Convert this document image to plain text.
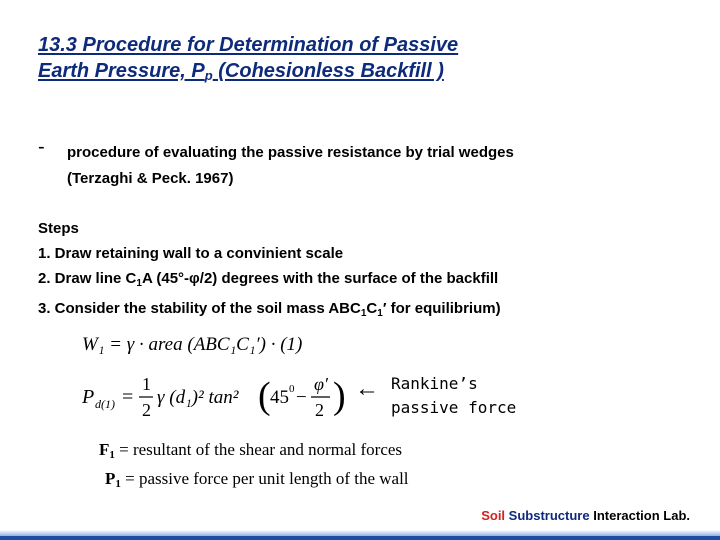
13.3 Procedure for Determination of Passive
Earth Pressure, $P_p$ (Cohesionless Backfill )
- procedure of evaluating the passive resistance by trial wedges
(Terzaghi & Peck. 1967)
Steps
1. Draw retaining wall to a convinient scale
2. Draw line $C_1A$ (45°-φ/2) degrees with the surface of the backfill
3. Consider the stability of the soil mass $ABC_1C_1'$ for equilibrium)
W₁ = γ · area (ABC₁C₁′) · (1)
P d(1) =
1
2
γ (d₁)² tan² ( 45 0 −
φ′
2 ) ← Rankine’s
passive force
$F_1$ = resultant of the shear and normal forces
$P_1$ = passive force per unit length of the wall
Soil Substructure Interaction Lab.
